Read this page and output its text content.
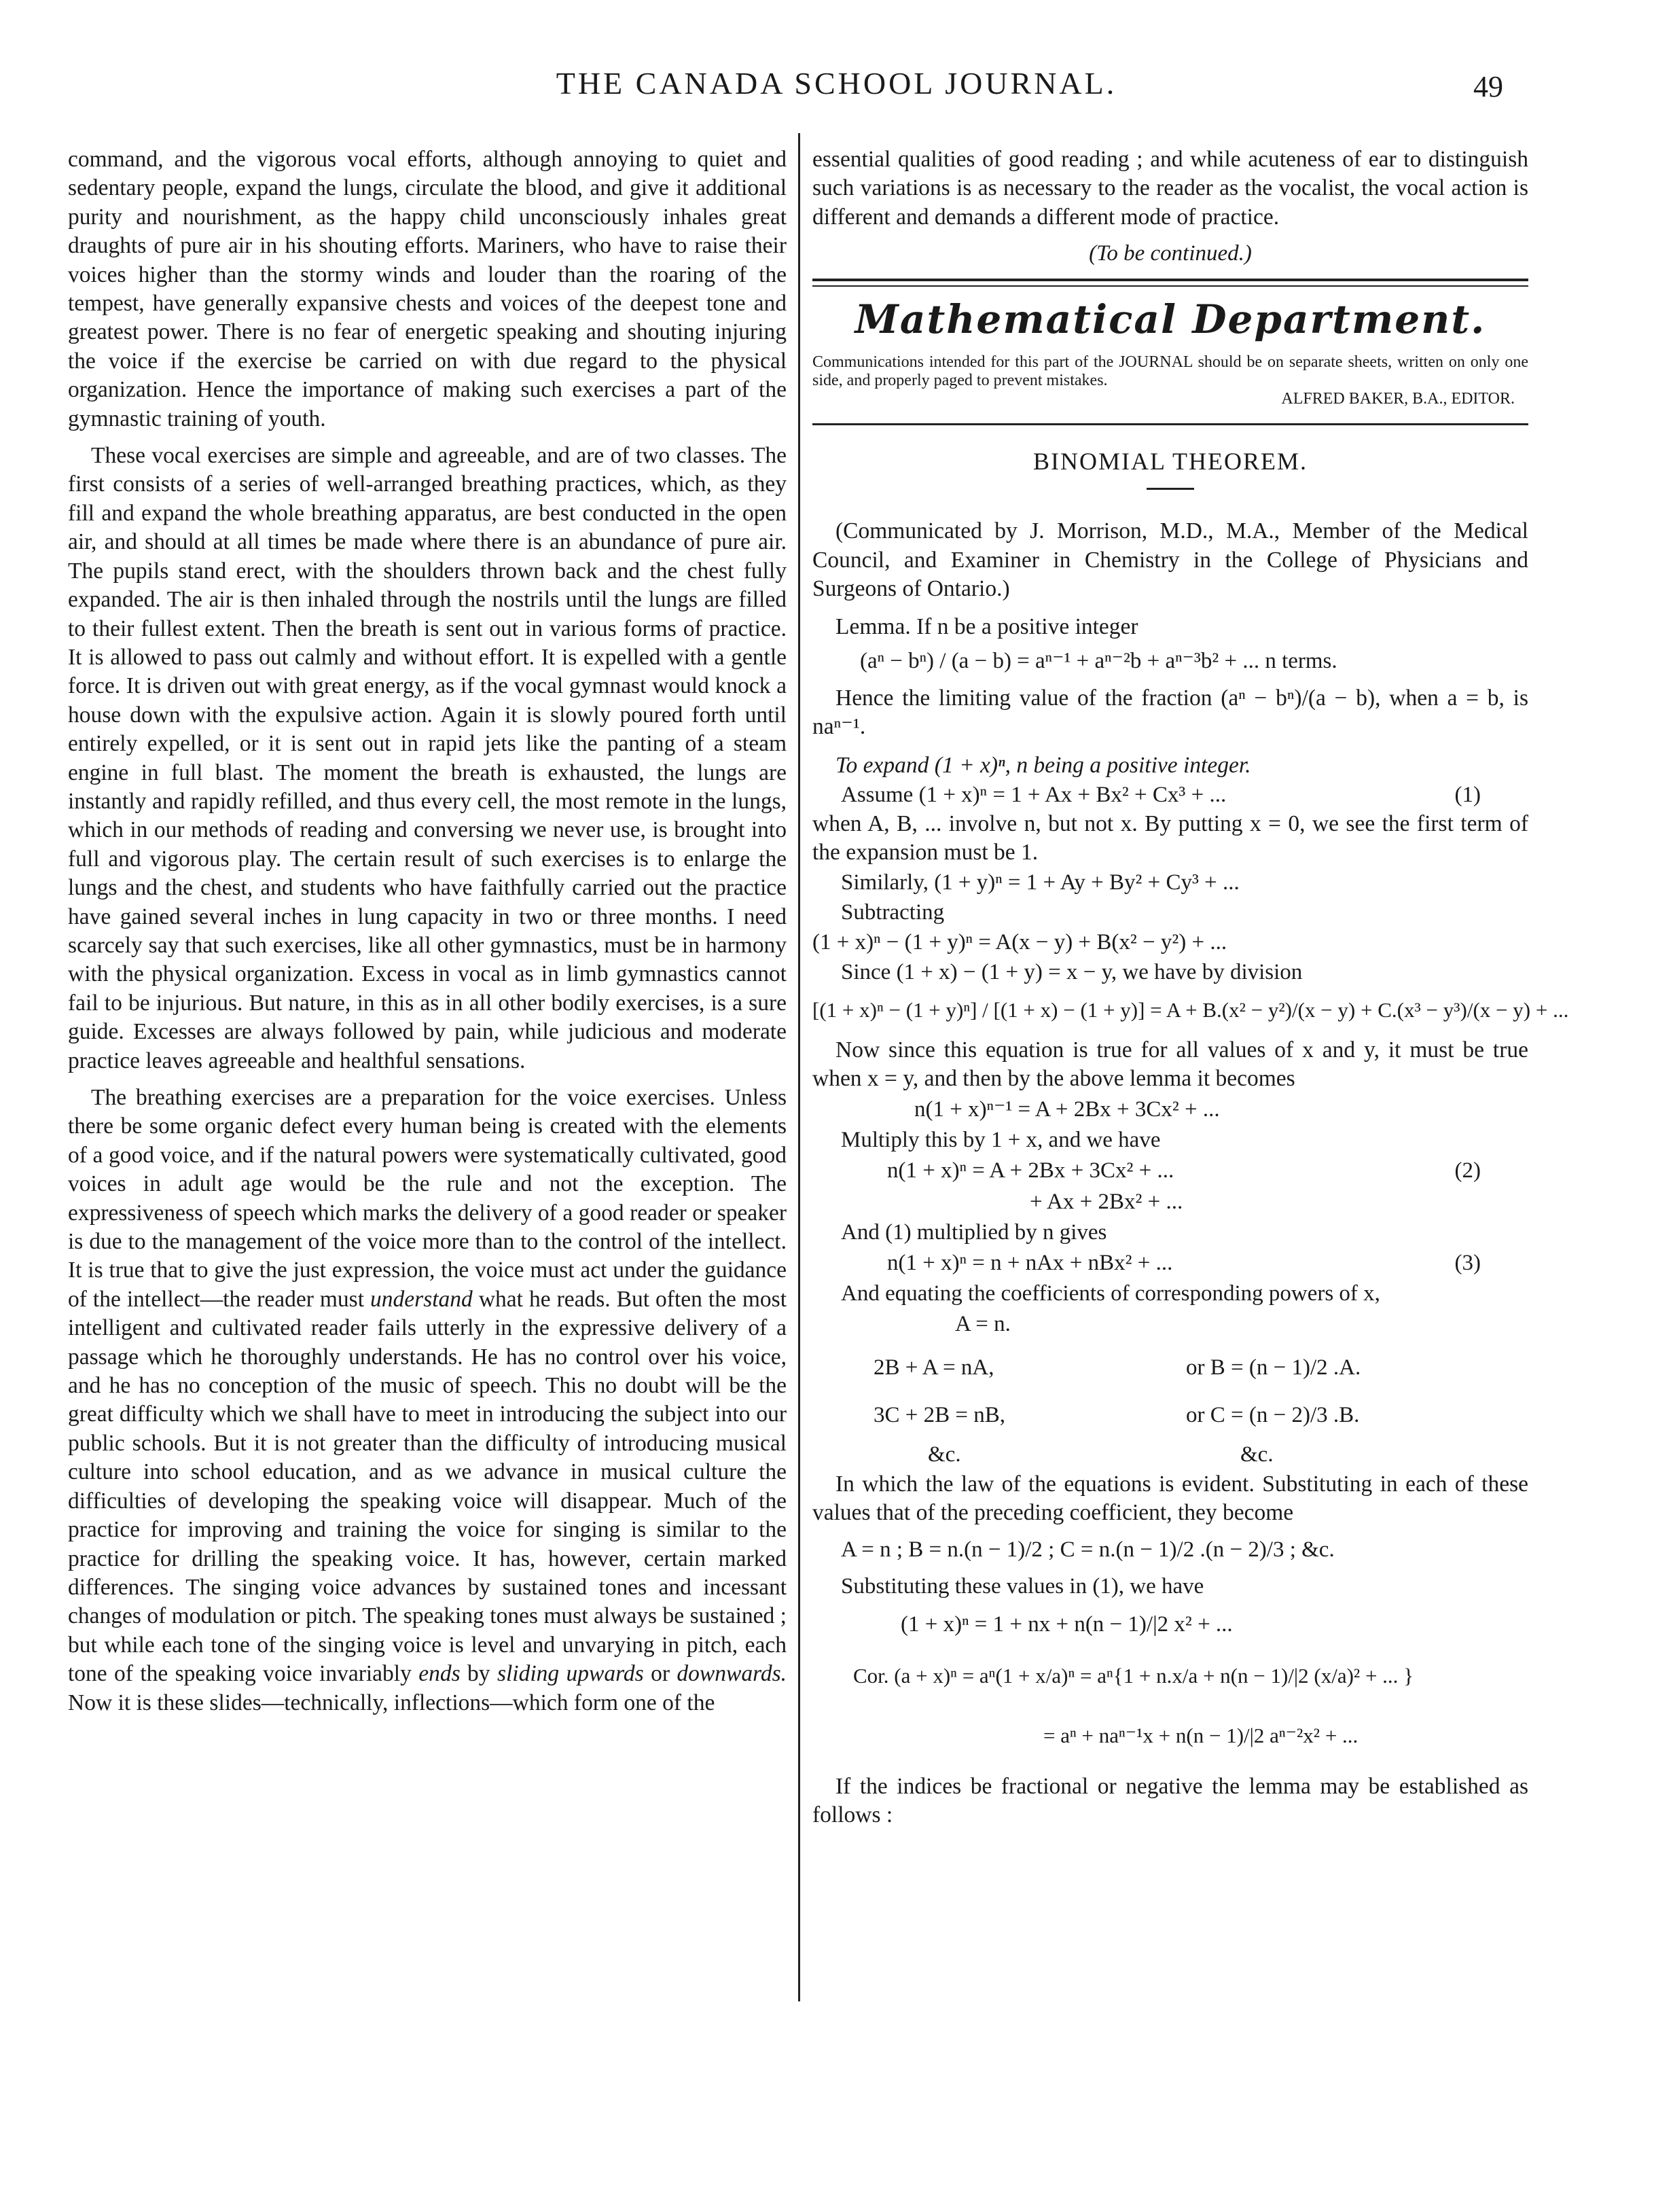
THE CANADA SCHOOL JOURNAL.	49

command, and the vigorous vocal efforts, although annoying to quiet and sedentary people, expand the lungs, circulate the blood, and give it additional purity and nourishment, as the happy child unconsciously inhales great draughts of pure air in his shouting efforts. Mariners, who have to raise their voices higher than the stormy winds and louder than the roaring of the tempest, have generally expansive chests and voices of the deepest tone and greatest power. There is no fear of energetic speaking and shouting injuring the voice if the exercise be carried on with due regard to the physical organization. Hence the importance of making such exercises a part of the gymnastic training of youth.

These vocal exercises are simple and agreeable, and are of two classes. The first consists of a series of well-arranged breathing practices, which, as they fill and expand the whole breathing apparatus, are best conducted in the open air, and should at all times be made where there is an abundance of pure air. The pupils stand erect, with the shoulders thrown back and the chest fully expanded. The air is then inhaled through the nostrils until the lungs are filled to their fullest extent. Then the breath is sent out in various forms of practice. It is allowed to pass out calmly and without effort. It is expelled with a gentle force. It is driven out with great energy, as if the vocal gymnast would knock a house down with the expulsive action. Again it is slowly poured forth until entirely expelled, or it is sent out in rapid jets like the panting of a steam engine in full blast. The moment the breath is exhausted, the lungs are instantly and rapidly refilled, and thus every cell, the most remote in the lungs, which in our methods of reading and conversing we never use, is brought into full and vigorous play. The certain result of such exercises is to enlarge the lungs and the chest, and students who have faithfully carried out the practice have gained several inches in lung capacity in two or three months. I need scarcely say that such exercises, like all other gymnastics, must be in harmony with the physical organization. Excess in vocal as in limb gymnastics cannot fail to be injurious. But nature, in this as in all other bodily exercises, is a sure guide. Excesses are always followed by pain, while judicious and moderate practice leaves agreeable and healthful sensations.

The breathing exercises are a preparation for the voice exercises. Unless there be some organic defect every human being is created with the elements of a good voice, and if the natural powers were systematically cultivated, good voices in adult age would be the rule and not the exception. The expressiveness of speech which marks the delivery of a good reader or speaker is due to the management of the voice more than to the control of the intellect. It is true that to give the just expression, the voice must act under the guidance of the intellect—the reader must understand what he reads. But often the most intelligent and cultivated reader fails utterly in the expressive delivery of a passage which he thoroughly understands. He has no control over his voice, and he has no conception of the music of speech. This no doubt will be the great difficulty which we shall have to meet in introducing the subject into our public schools. But it is not greater than the difficulty of introducing musical culture into school education, and as we advance in musical culture the difficulties of developing the speaking voice will disappear. Much of the practice for improving and training the voice for singing is similar to the practice for drilling the speaking voice. It has, however, certain marked differences. The singing voice advances by sustained tones and incessant changes of modulation or pitch. The speaking tones must always be sustained ; but while each tone of the singing voice is level and unvarying in pitch, each tone of the speaking voice invariably ends by sliding upwards or downwards. Now it is these slides—technically, inflections—which form one of the

essential qualities of good reading ; and while acuteness of ear to distinguish such variations is as necessary to the reader as the vocalist, the vocal action is different and demands a different mode of practice.

(To be continued.)
Mathematical Department.
Communications intended for this part of the JOURNAL should be on separate sheets, written on only one side, and properly paged to prevent mistakes.
ALFRED BAKER, B.A., EDITOR.
BINOMIAL THEOREM.

(Communicated by J. Morrison, M.D., M.A., Member of the Medical Council, and Examiner in Chemistry in the College of Physicians and Surgeons of Ontario.)

Lemma. If n be a positive integer

(aⁿ − bⁿ) / (a − b) = aⁿ⁻¹ + aⁿ⁻²b + aⁿ⁻³b² + ... n terms.

Hence the limiting value of the fraction (aⁿ − bⁿ)/(a − b), when a = b, is naⁿ⁻¹.

To expand (1 + x)ⁿ, n being a positive integer.

Assume (1 + x)ⁿ = 1 + Ax + Bx² + Cx³ + ...	(1)

when A, B, ... involve n, but not x. By putting x = 0, we see the first term of the expansion must be 1.

Similarly, (1 + y)ⁿ = 1 + Ay + By² + Cy³ + ...
Subtracting
(1 + x)ⁿ − (1 + y)ⁿ = A(x − y) + B(x² − y²) + ...
Since (1 + x) − (1 + y) = x − y, we have by division
[(1 + x)ⁿ − (1 + y)ⁿ] / [(1 + x) − (1 + y)] = A + B.(x² − y²)/(x − y) + C.(x³ − y³)/(x − y) + ...

Now since this equation is true for all values of x and y, it must be true when x = y, and then by the above lemma it becomes

n(1 + x)ⁿ⁻¹ = A + 2Bx + 3Cx² + ...
Multiply this by 1 + x, and we have
n(1 + x)ⁿ = A + 2Bx + 3Cx² + ...	(2)
+ Ax + 2Bx² + ...
And (1) multiplied by n gives
n(1 + x)ⁿ = n + nAx + nBx² + ...	(3)
And equating the coefficients of corresponding powers of x,
A = n.
2B + A = nA,	or B = (n − 1)/2 .A.
3C + 2B = nB,	or C = (n − 2)/3 .B.
&c.	&c.

In which the law of the equations is evident. Substituting in each of these values that of the preceding coefficient, they become

A = n ; B = n.(n − 1)/2 ; C = n.(n − 1)/2 .(n − 2)/3 ; &c.
Substituting these values in (1), we have
(1 + x)ⁿ = 1 + nx + n(n − 1)/|2 x² + ...
Cor. (a + x)ⁿ = aⁿ(1 + x/a)ⁿ = aⁿ{1 + n.x/a + n(n − 1)/|2 (x/a)² + ... }
= aⁿ + naⁿ⁻¹x + n(n − 1)/|2 aⁿ⁻²x² + ...

If the indices be fractional or negative the lemma may be established as follows :
